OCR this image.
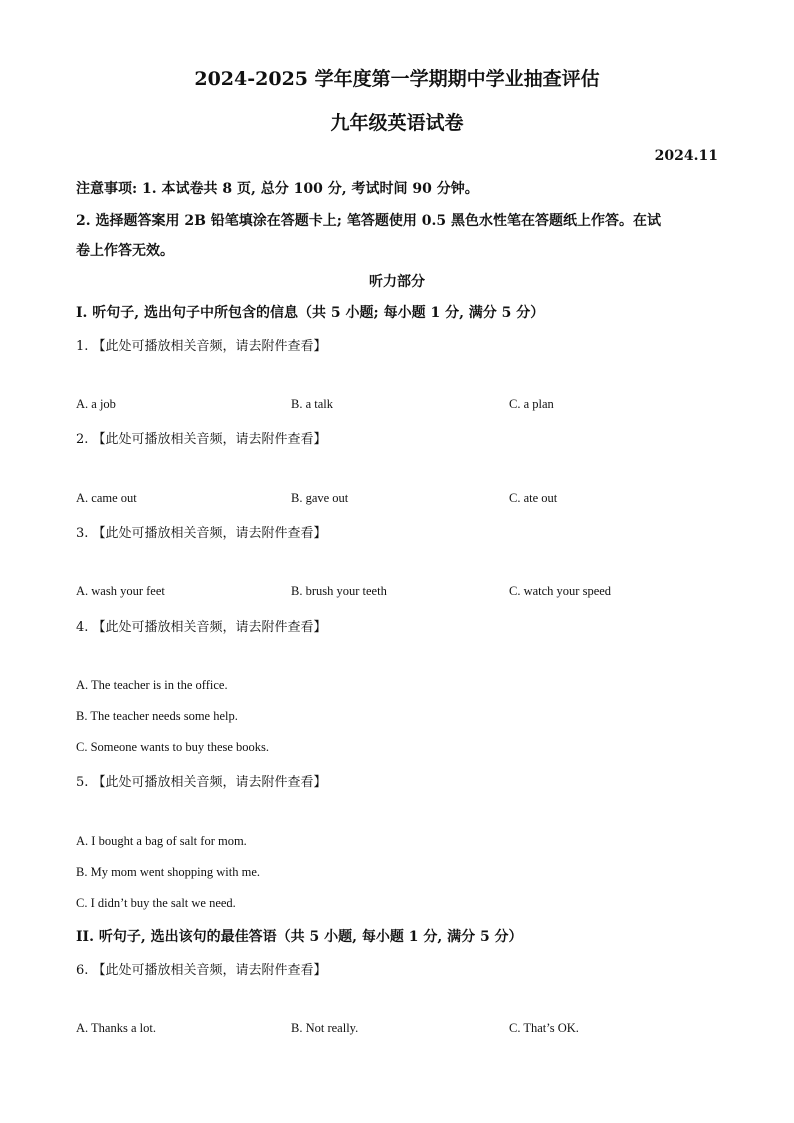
2024-2025 学年度第一学期期中学业抽查评估
九年级英语试卷
2024.11
注意事项: 1. 本试卷共 8 页, 总分 100 分, 考试时间 90 分钟。
2. 选择题答案用 2B 铅笔填涂在答题卡上; 笔答题使用 0.5 黑色水性笔在答题纸上作答。在试
卷上作答无效。
听力部分
I. 听句子, 选出句子中所包含的信息（共 5 小题; 每小题 1 分, 满分 5 分）
1. 【此处可播放相关音频，请去附件查看】
A. a job	B. a talk	C. a plan
2. 【此处可播放相关音频，请去附件查看】
A. came out	B. gave out	C. ate out
3. 【此处可播放相关音频，请去附件查看】
A. wash your feet	B. brush your teeth	C. watch your speed
4. 【此处可播放相关音频，请去附件查看】
A. The teacher is in the office.
B. The teacher needs some help.
C. Someone wants to buy these books.
5. 【此处可播放相关音频，请去附件查看】
A. I bought a bag of salt for mom.
B. My mom went shopping with me.
C. I didn’t buy the salt we need.
II. 听句子, 选出该句的最佳答语（共 5 小题, 每小题 1 分, 满分 5 分）
6. 【此处可播放相关音频，请去附件查看】
A. Thanks a lot.	B. Not really.	C. That’s OK.
